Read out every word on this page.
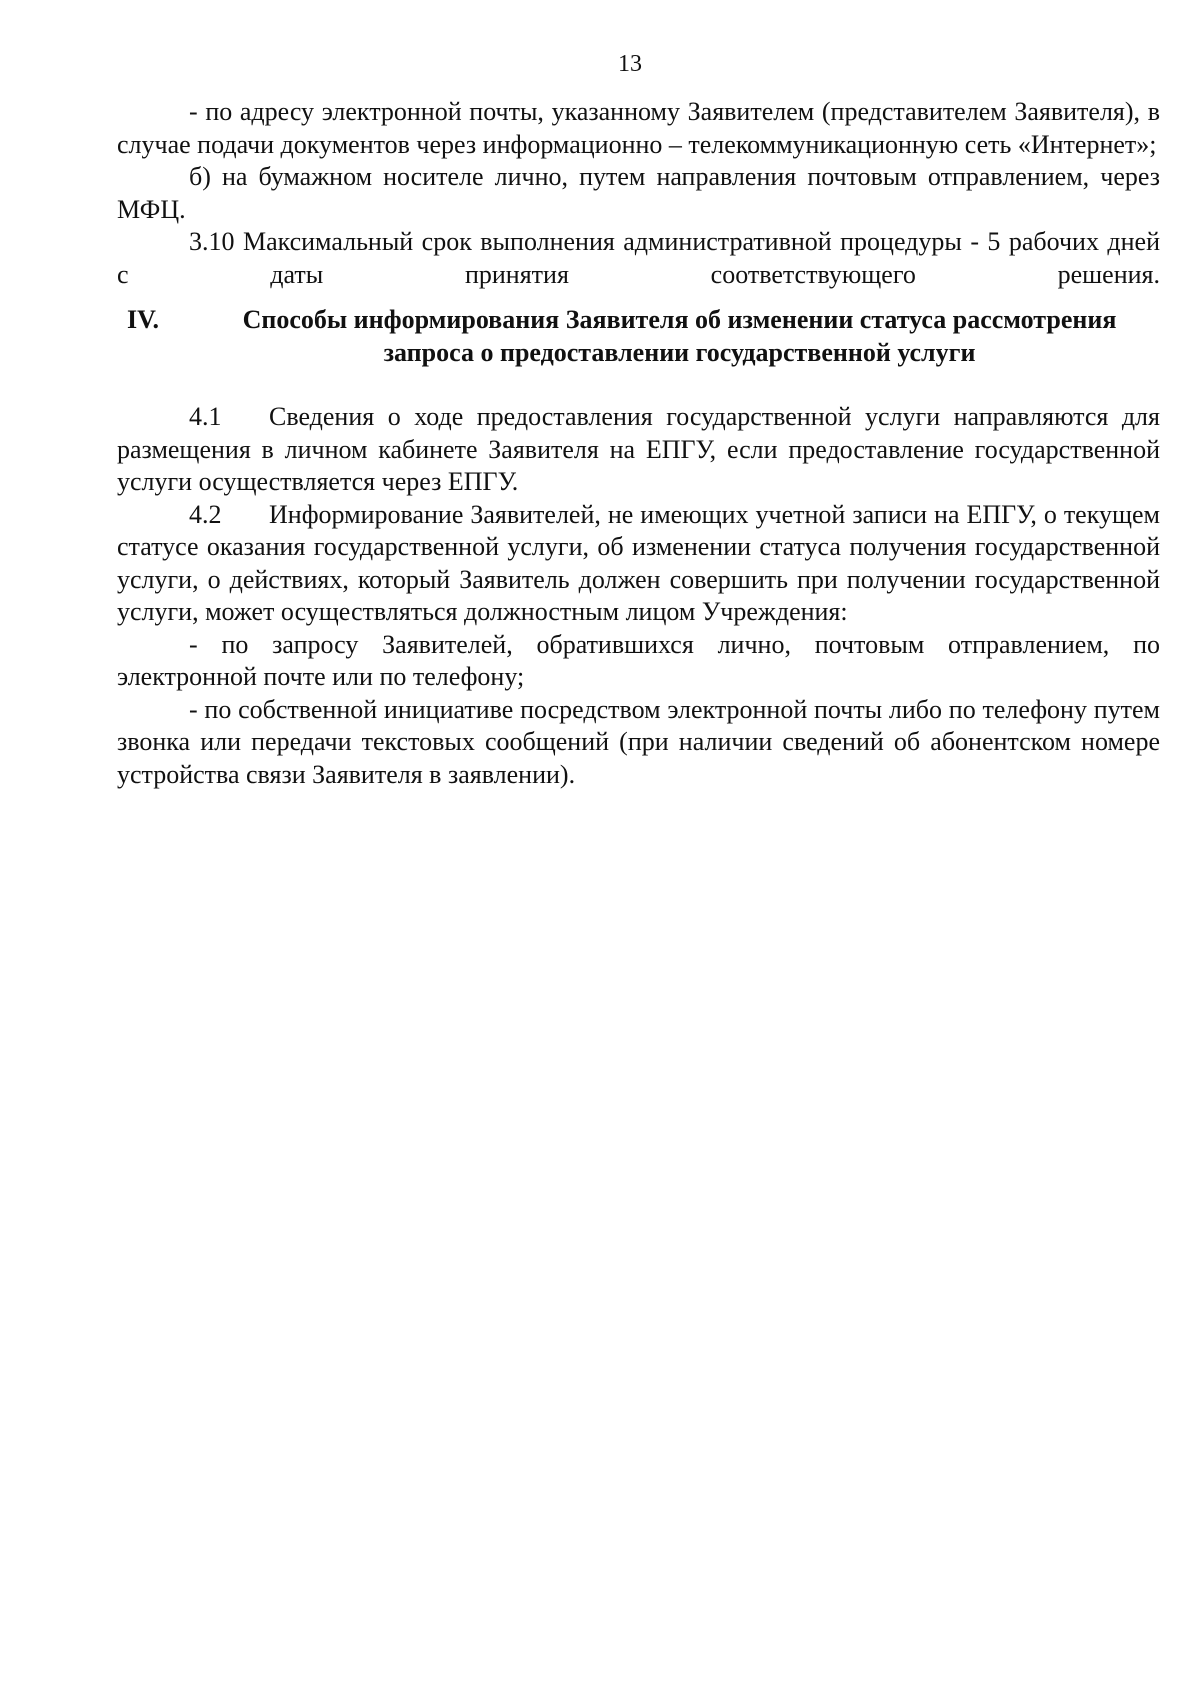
13

- по адресу электронной почты, указанному Заявителем (представителем Заявителя), в случае подачи документов через информационно – телекоммуникационную сеть «Интернет»;

б) на бумажном носителе лично, путем направления почтовым отправлением, через МФЦ.

3.10 Максимальный срок выполнения административной процедуры - 5 рабочих дней с даты принятия соответствующего решения.

IV.	Способы информирования Заявителя об изменении статуса рассмотрения запроса о предоставлении государственной услуги

4.1 Сведения о ходе предоставления государственной услуги направляются для размещения в личном кабинете Заявителя на ЕПГУ, если предоставление государственной услуги осуществляется через ЕПГУ.

4.2 Информирование Заявителей, не имеющих учетной записи на ЕПГУ, о текущем статусе оказания государственной услуги, об изменении статуса получения государственной услуги, о действиях, который Заявитель должен совершить при получении государственной услуги, может осуществляться должностным лицом Учреждения:

- по запросу Заявителей, обратившихся лично, почтовым отправлением, по электронной почте или по телефону;

- по собственной инициативе посредством электронной почты либо по телефону путем звонка или передачи текстовых сообщений (при наличии сведений об абонентском номере устройства связи Заявителя в заявлении).
